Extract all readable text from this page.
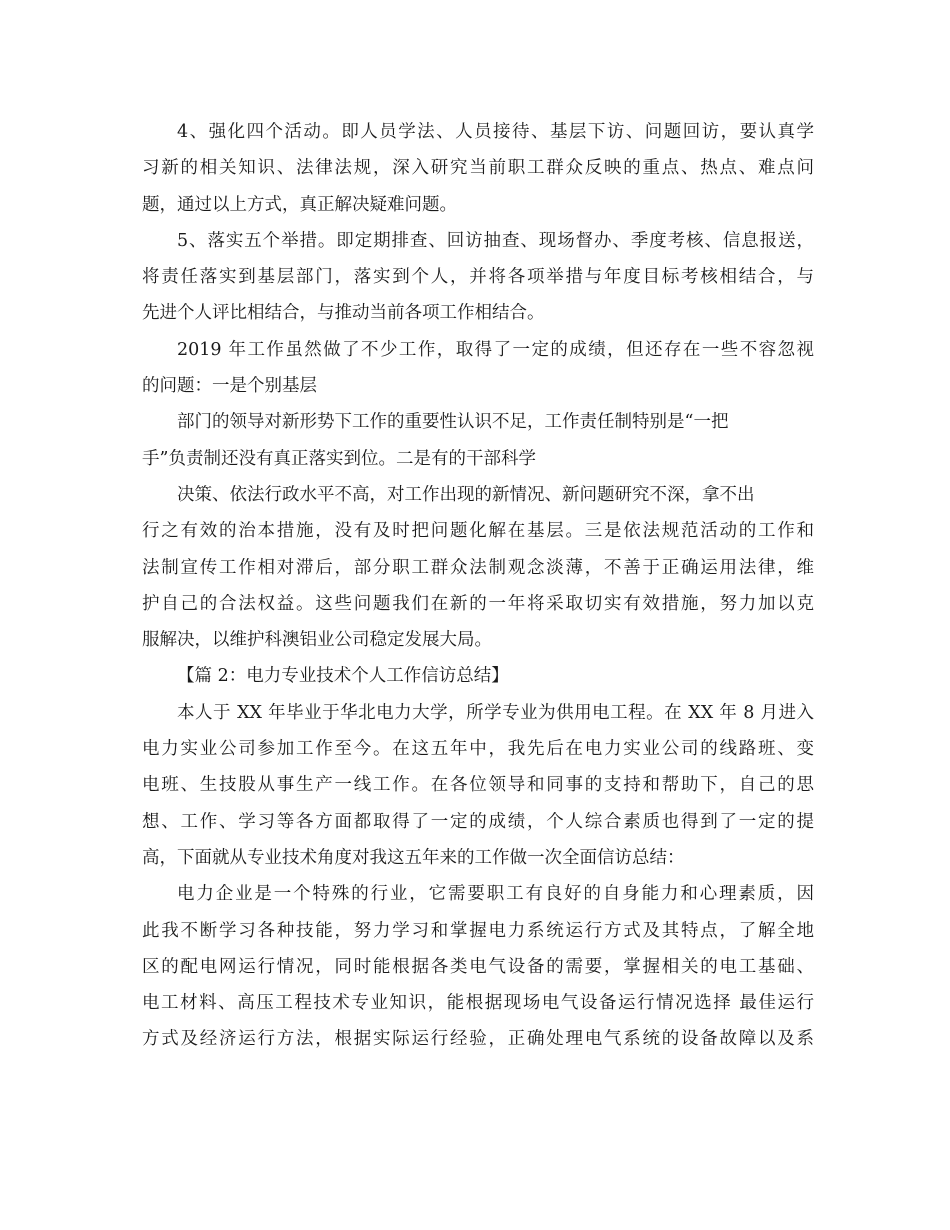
4、强化四个活动。即人员学法、人员接待、基层下访、问题回访，要认真学
习新的相关知识、法律法规，深入研究当前职工群众反映的重点、热点、难点问
题，通过以上方式，真正解决疑难问题。
5、落实五个举措。即定期排查、回访抽查、现场督办、季度考核、信息报送，
将责任落实到基层部门，落实到个人，并将各项举措与年度目标考核相结合，与
先进个人评比相结合，与推动当前各项工作相结合。
2019 年工作虽然做了不少工作，取得了一定的成绩，但还存在一些不容忽视
的问题：一是个别基层
部门的领导对新形势下工作的重要性认识不足，工作责任制特别是“一把
手”负责制还没有真正落实到位。二是有的干部科学
决策、依法行政水平不高，对工作出现的新情况、新问题研究不深，拿不出
行之有效的治本措施，没有及时把问题化解在基层。三是依法规范活动的工作和
法制宣传工作相对滞后，部分职工群众法制观念淡薄，不善于正确运用法律，维
护自己的合法权益。这些问题我们在新的一年将采取切实有效措施，努力加以克
服解决，以维护科澳铝业公司稳定发展大局。
【篇 2：电力专业技术个人工作信访总结】
本人于 XX 年毕业于华北电力大学，所学专业为供用电工程。在 XX 年 8 月进入
电力实业公司参加工作至今。在这五年中，我先后在电力实业公司的线路班、变
电班、生技股从事生产一线工作。在各位领导和同事的支持和帮助下，自己的思
想、工作、学习等各方面都取得了一定的成绩，个人综合素质也得到了一定的提
高，下面就从专业技术角度对我这五年来的工作做一次全面信访总结：
电力企业是一个特殊的行业，它需要职工有良好的自身能力和心理素质，因
此我不断学习各种技能，努力学习和掌握电力系统运行方式及其特点，了解全地
区的配电网运行情况，同时能根据各类电气设备的需要，掌握相关的电工基础、
电工材料、高压工程技术专业知识，能根据现场电气设备运行情况选择 最佳运行
方式及经济运行方法，根据实际运行经验，正确处理电气系统的设备故障以及系
